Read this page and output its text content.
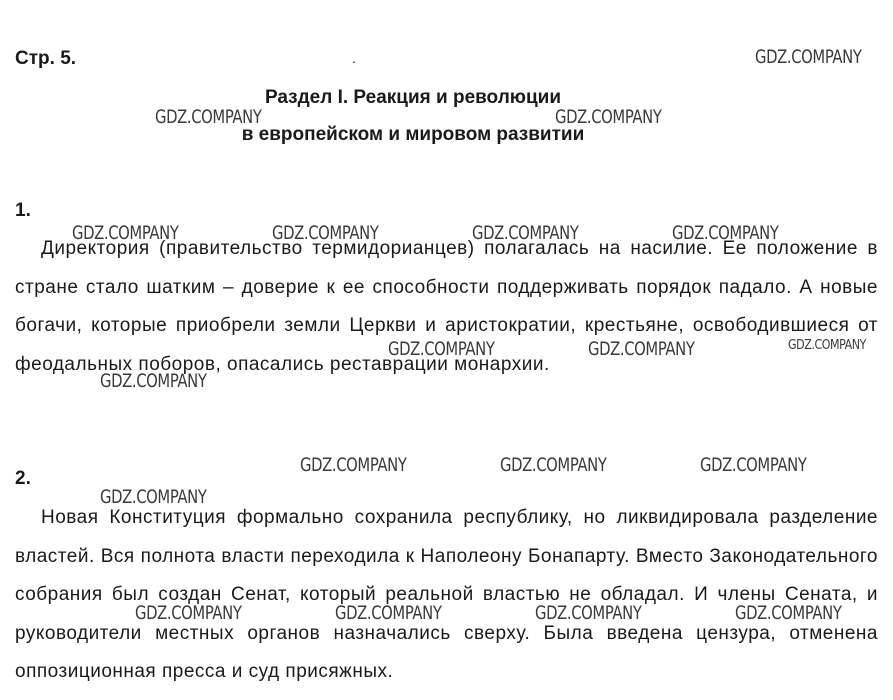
Стр. 5.	.
Раздел I. Реакция и революции
в европейском и мировом развитии
1.

Директория (правительство термидорианцев) полагалась на насилие. Ее положение в стране стало шатким – доверие к ее способности поддерживать порядок падало. А новые богачи, которые приобрели земли Церкви и аристократии, крестьяне, освободившиеся от феодальных поборов, опасались реставрации монархии.

2.

Новая Конституция формально сохранила республику, но ликвидировала разделение властей. Вся полнота власти переходила к Наполеону Бонапарту. Вместо Законодательного собрания был создан Сенат, который реальной властью не обладал. И члены Сената, и руководители местных органов назначались сверху. Была введена цензура, отменена оппозиционная пресса и суд присяжных.

GDZ.COMPANY
GDZ.COMPANY	GDZ.COMPANY
GDZ.COMPANY	GDZ.COMPANY	GDZ.COMPANY	GDZ.COMPANY
GDZ.COMPANY	GDZ.COMPANY	GDZ.COMPANY
GDZ.COMPANY
GDZ.COMPANY	GDZ.COMPANY	GDZ.COMPANY
GDZ.COMPANY
GDZ.COMPANY	GDZ.COMPANY	GDZ.COMPANY	GDZ.COMPANY
